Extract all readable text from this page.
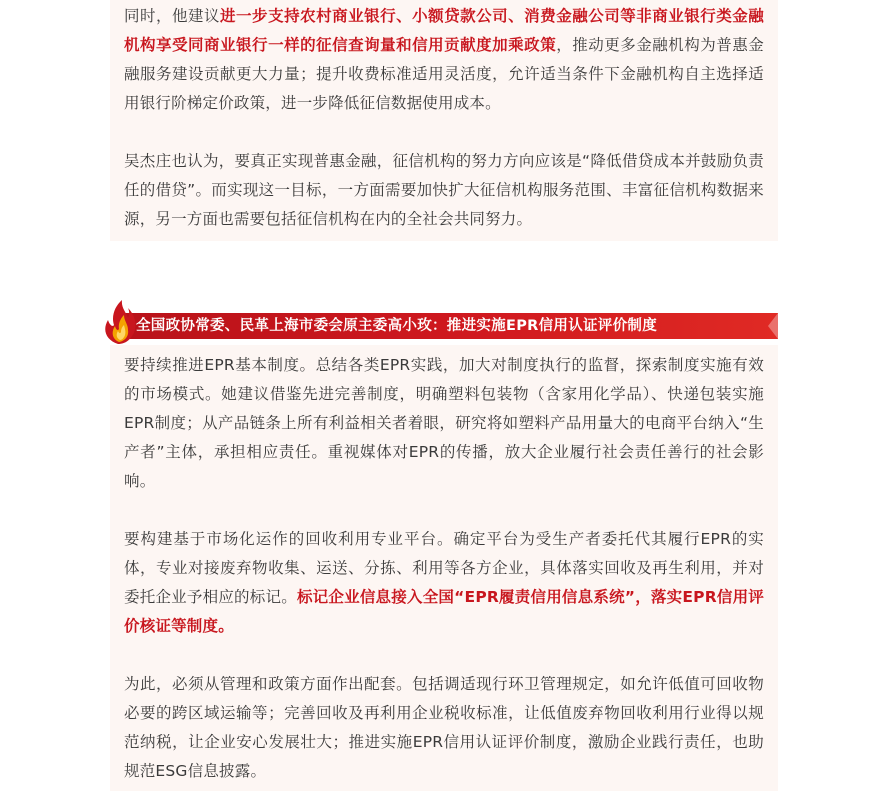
同时，他建议进一步支持农村商业银行、小额贷款公司、消费金融公司等非商业银行类金融机构享受同商业银行一样的征信查询量和信用贡献度加乘政策，推动更多金融机构为普惠金融服务建设贡献更大力量；提升收费标准适用灵活度，允许适当条件下金融机构自主选择适用银行阶梯定价政策，进一步降低征信数据使用成本。

吴杰庄也认为，要真正实现普惠金融，征信机构的努力方向应该是“降低借贷成本并鼓励负责任的借贷”。而实现这一目标，一方面需要加快扩大征信机构服务范围、丰富征信机构数据来源，另一方面也需要包括征信机构在内的全社会共同努力。

全国政协常委、民革上海市委会原主委高小玫：推进实施EPR信用认证评价制度

要持续推进EPR基本制度。总结各类EPR实践，加大对制度执行的监督，探索制度实施有效的市场模式。她建议借鉴先进完善制度，明确塑料包装物（含家用化学品）、快递包装实施EPR制度；从产品链条上所有利益相关者着眼，研究将如塑料产品用量大的电商平台纳入“生产者”主体，承担相应责任。重视媒体对EPR的传播，放大企业履行社会责任善行的社会影响。

要构建基于市场化运作的回收利用专业平台。确定平台为受生产者委托代其履行EPR的实体，专业对接废弃物收集、运送、分拣、利用等各方企业，具体落实回收及再生利用，并对委托企业予相应的标记。标记企业信息接入全国“EPR履责信用信息系统”，落实EPR信用评价核证等制度。

为此，必须从管理和政策方面作出配套。包括调适现行环卫管理规定，如允许低值可回收物必要的跨区域运输等；完善回收及再利用企业税收标准，让低值废弃物回收利用行业得以规范纳税，让企业安心发展壮大；推进实施EPR信用认证评价制度，激励企业践行责任，也助规范ESG信息披露。
